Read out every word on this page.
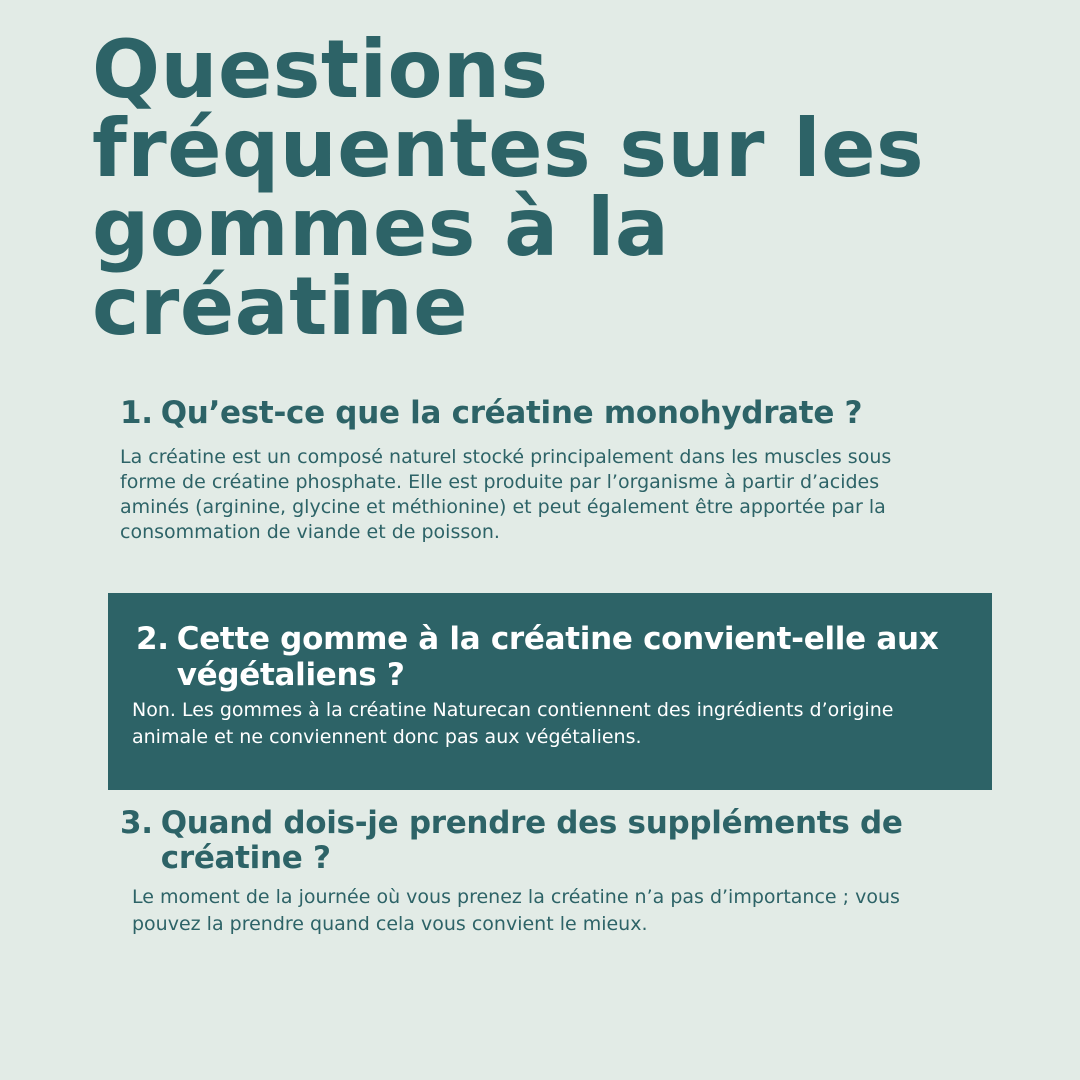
Questions fréquentes sur les gommes à la créatine
1. Qu’est-ce que la créatine monohydrate ?

La créatine est un composé naturel stocké principalement dans les muscles sous forme de créatine phosphate. Elle est produite par l’organisme à partir d’acides aminés (arginine, glycine et méthionine) et peut également être apportée par la consommation de viande et de poisson.

2. Cette gomme à la créatine convient-elle aux végétaliens ?

Non. Les gommes à la créatine Naturecan contiennent des ingrédients d’origine animale et ne conviennent donc pas aux végétaliens.

3. Quand dois-je prendre des suppléments de créatine ?

Le moment de la journée où vous prenez la créatine n’a pas d’importance ; vous pouvez la prendre quand cela vous convient le mieux.
